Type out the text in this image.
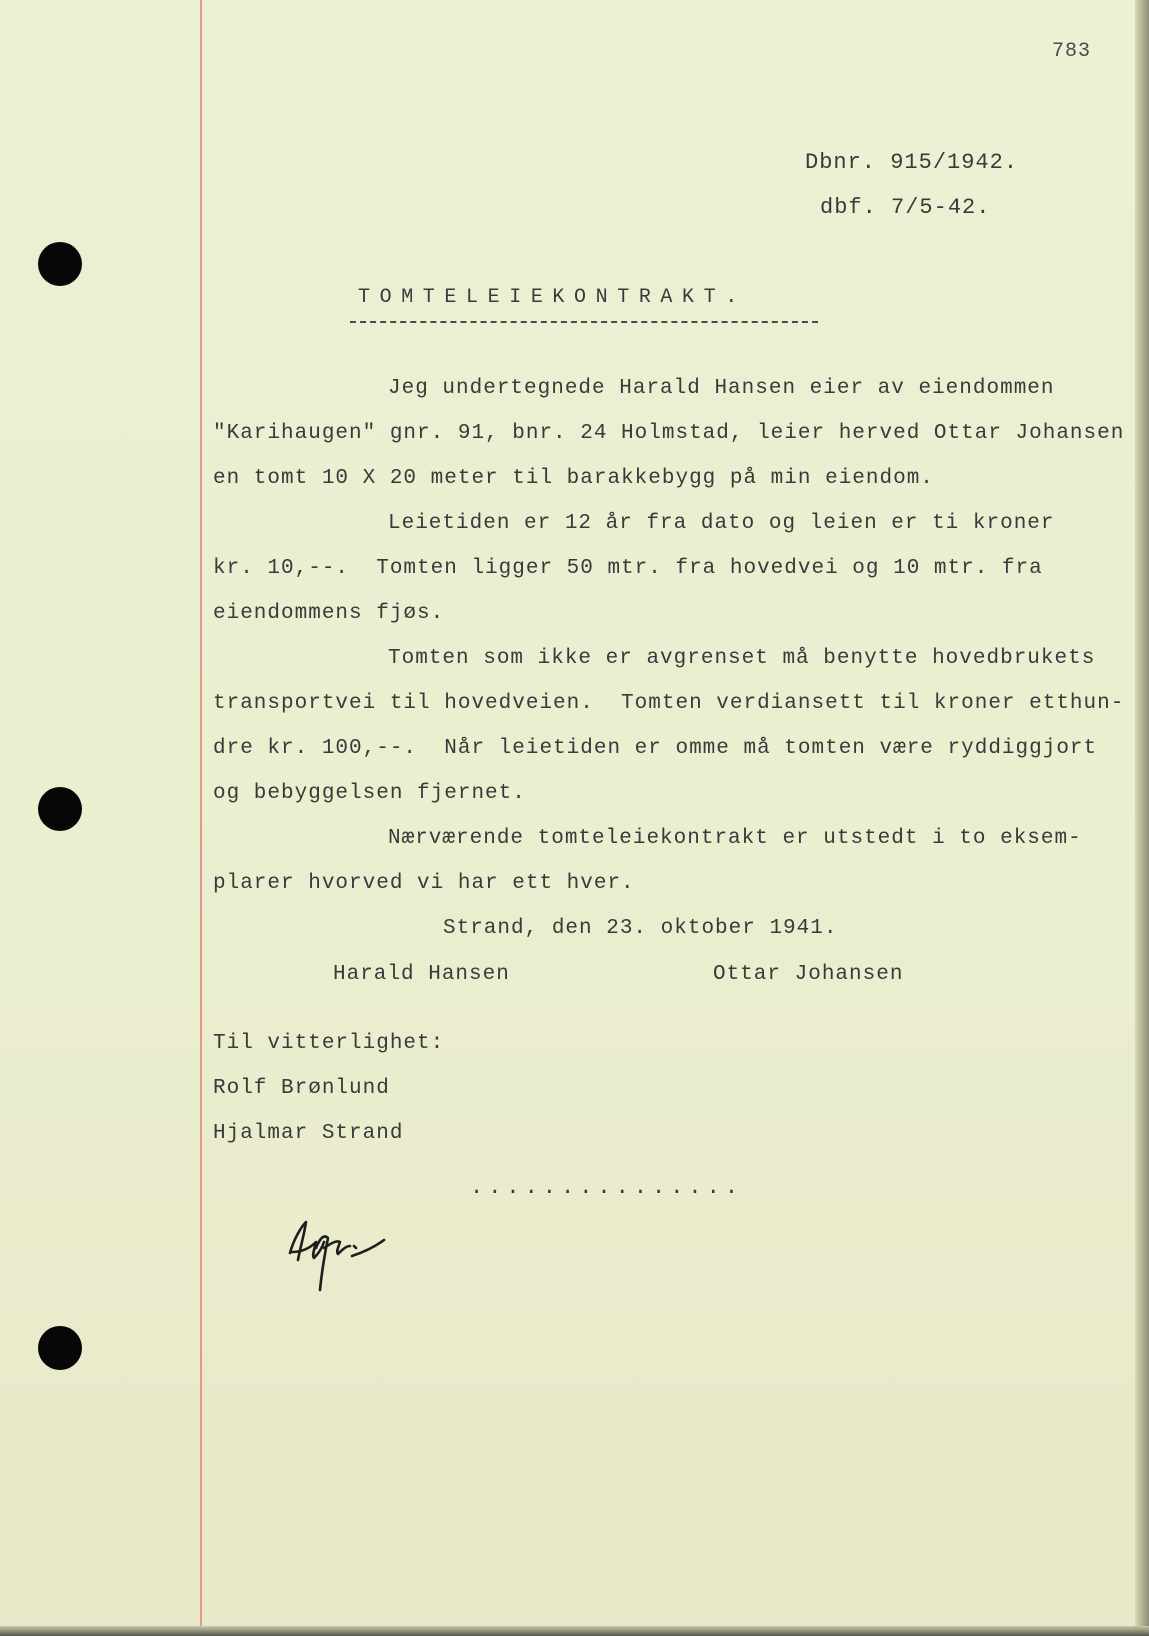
783
Dbnr. 915/1942.
dbf. 7/5-42.
TOMTELEIEKONTRAKT.
Jeg undertegnede Harald Hansen eier av eiendommen
"Karihaugen" gnr. 91, bnr. 24 Holmstad, leier herved Ottar Johansen
en tomt 10 X 20 meter til barakkebygg på min eiendom.
Leietiden er 12 år fra dato og leien er ti kroner
kr. 10,--.  Tomten ligger 50 mtr. fra hovedvei og 10 mtr. fra
eiendommens fjøs.
Tomten som ikke er avgrenset må benytte hovedbrukets
transportvei til hovedveien.  Tomten verdiansett til kroner etthun-
dre kr. 100,--.  Når leietiden er omme må tomten være ryddiggjort
og bebyggelsen fjernet.
Nærværende tomteleiekontrakt er utstedt i to eksem-
plarer hvorved vi har ett hver.
Strand, den 23. oktober 1941.
Harald Hansen	Ottar Johansen
Til vitterlighet:
Rolf Brønlund
Hjalmar Strand
...............
